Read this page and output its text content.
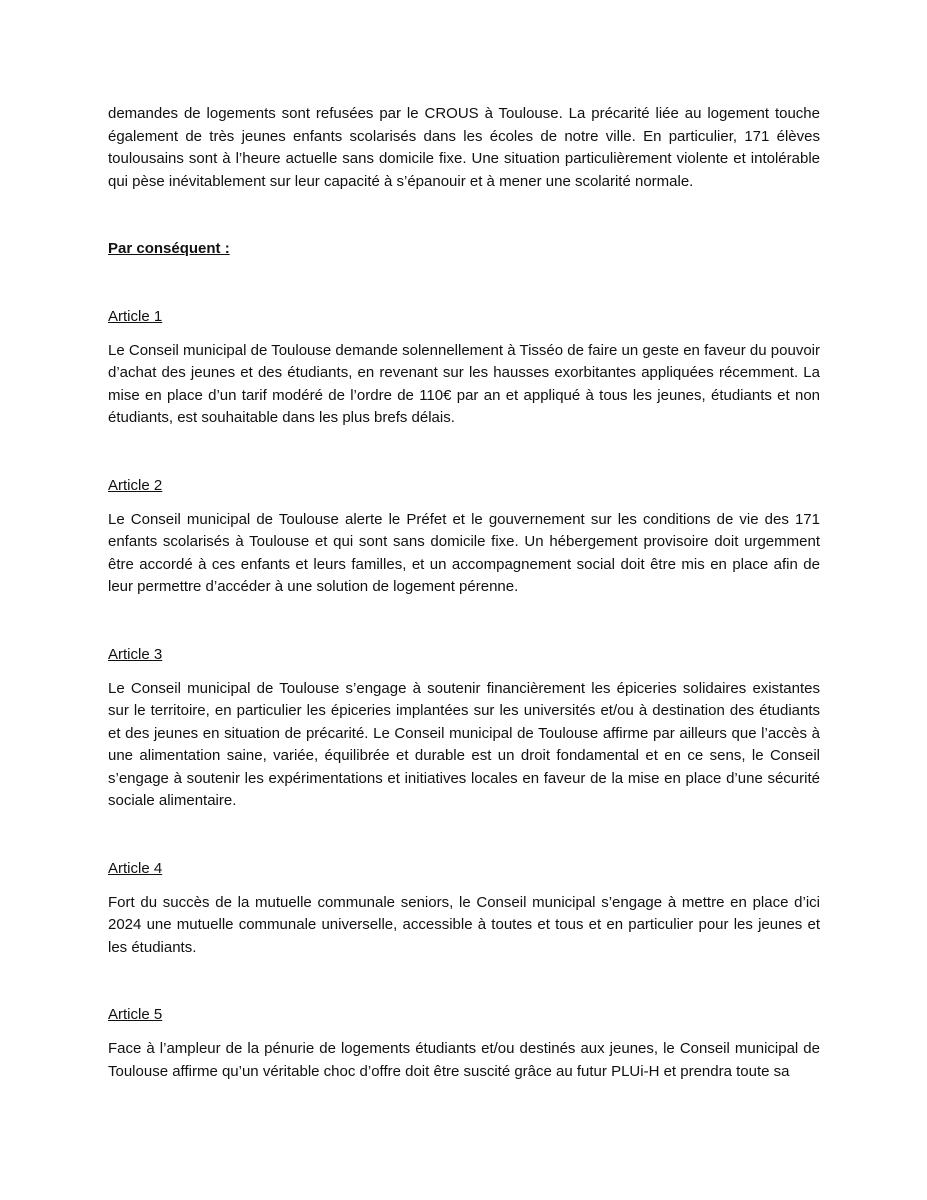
demandes de logements sont refusées par le CROUS à Toulouse. La précarité liée au logement touche également de très jeunes enfants scolarisés dans les écoles de notre ville. En particulier, 171 élèves toulousains sont à l’heure actuelle sans domicile fixe. Une situation particulièrement violente et intolérable qui pèse inévitablement sur leur capacité à s’épanouir et à mener une scolarité normale.

Par conséquent :

Article 1

Le Conseil municipal de Toulouse demande solennellement à Tisséo de faire un geste en faveur du pouvoir d’achat des jeunes et des étudiants, en revenant sur les hausses exorbitantes appliquées récemment. La mise en place d’un tarif modéré de l’ordre de 110€ par an et appliqué à tous les jeunes, étudiants et non étudiants, est souhaitable dans les plus brefs délais.

Article 2

Le Conseil municipal de Toulouse alerte le Préfet et le gouvernement sur les conditions de vie des 171 enfants scolarisés à Toulouse et qui sont sans domicile fixe. Un hébergement provisoire doit urgemment être accordé à ces enfants et leurs familles, et un accompagnement social doit être mis en place afin de leur permettre d’accéder à une solution de logement pérenne.

Article 3

Le Conseil municipal de Toulouse s’engage à soutenir financièrement les épiceries solidaires existantes sur le territoire, en particulier les épiceries implantées sur les universités et/ou à destination des étudiants et des jeunes en situation de précarité. Le Conseil municipal de Toulouse affirme par ailleurs que l’accès à une alimentation saine, variée, équilibrée et durable est un droit fondamental et en ce sens, le Conseil s’engage à soutenir les expérimentations et initiatives locales en faveur de la mise en place d’une sécurité sociale alimentaire.

Article 4

Fort du succès de la mutuelle communale seniors, le Conseil municipal s’engage à mettre en place d’ici 2024 une mutuelle communale universelle, accessible à toutes et tous et en particulier pour les jeunes et les étudiants.

Article 5

Face à l’ampleur de la pénurie de logements étudiants et/ou destinés aux jeunes, le Conseil municipal de Toulouse affirme qu’un véritable choc d’offre doit être suscité grâce au futur PLUi-H et prendra toute sa
